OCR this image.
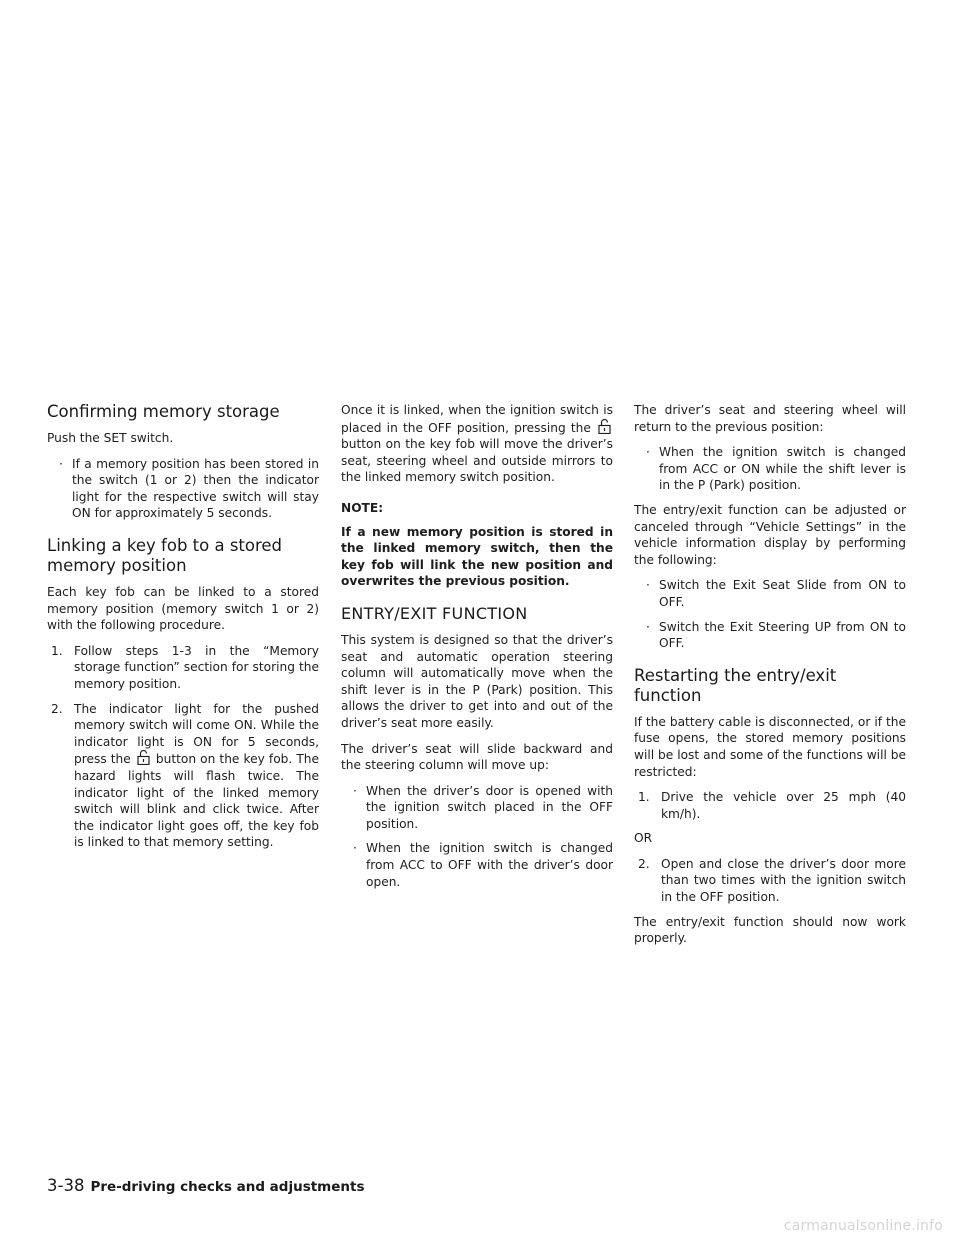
Confirming memory storage

Push the SET switch.

· If a memory position has been stored in the switch (1 or 2) then the indicator light for the respective switch will stay ON for approximately 5 seconds.
Linking a key fob to a stored memory position

Each key fob can be linked to a stored memory position (memory switch 1 or 2) with the following procedure.

1. Follow steps 1-3 in the “Memory storage function” section for storing the memory position.
2. The indicator light for the pushed memory switch will come ON. While the indicator light is ON for 5 seconds, press the button on the key fob. The hazard lights will flash twice. The indicator light of the linked memory switch will blink and click twice. After the indicator light goes off, the key fob is linked to that memory setting.

Once it is linked, when the ignition switch is placed in the OFF position, pressing the  button on the key fob will move the driver’s seat, steering wheel and outside mirrors to the linked memory switch position.

NOTE:

If a new memory position is stored in the linked memory switch, then the key fob will link the new position and overwrites the previous position.

ENTRY/EXIT FUNCTION

This system is designed so that the driver’s seat and automatic operation steering column will automatically move when the shift lever is in the P (Park) position. This allows the driver to get into and out of the driver’s seat more easily.

The driver’s seat will slide backward and the steering column will move up:

· When the driver’s door is opened with the ignition switch placed in the OFF position.
· When the ignition switch is changed from ACC to OFF with the driver’s door open.

The driver’s seat and steering wheel will return to the previous position:

· When the ignition switch is changed from ACC or ON while the shift lever is in the P (Park) position.

The entry/exit function can be adjusted or canceled through “Vehicle Settings” in the vehicle information display by performing the following:

· Switch the Exit Seat Slide from ON to OFF.
· Switch the Exit Steering UP from ON to OFF.
Restarting the entry/exit function

If the battery cable is disconnected, or if the fuse opens, the stored memory positions will be lost and some of the functions will be restricted:

1. Drive the vehicle over 25 mph (40 km/h).

OR

2. Open and close the driver’s door more than two times with the ignition switch in the OFF position.

The entry/exit function should now work properly.

3-38 Pre-driving checks and adjustments
carmanualsonline.info
